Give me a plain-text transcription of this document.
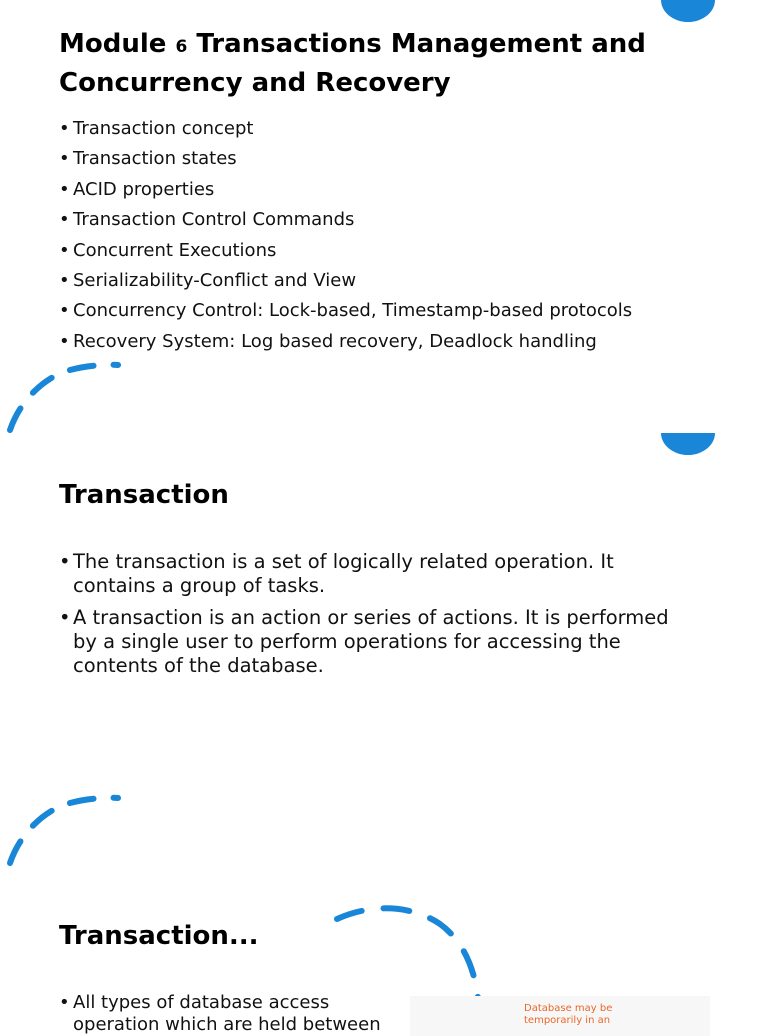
Module 6 Transactions Management and
Concurrency and Recovery
• Transaction concept
• Transaction states
• ACID properties
• Transaction Control Commands
• Concurrent Executions
• Serializability-Conflict and View
• Concurrency Control: Lock-based, Timestamp-based protocols
• Recovery System: Log based recovery, Deadlock handling
Transaction
• The transaction is a set of logically related operation. It contains a group of tasks.
• A transaction is an action or series of actions. It is performed by a single user to perform operations for accessing the contents of the database.
Transaction...
• All types of database access operation which are held between
Database may be temporarily in an
